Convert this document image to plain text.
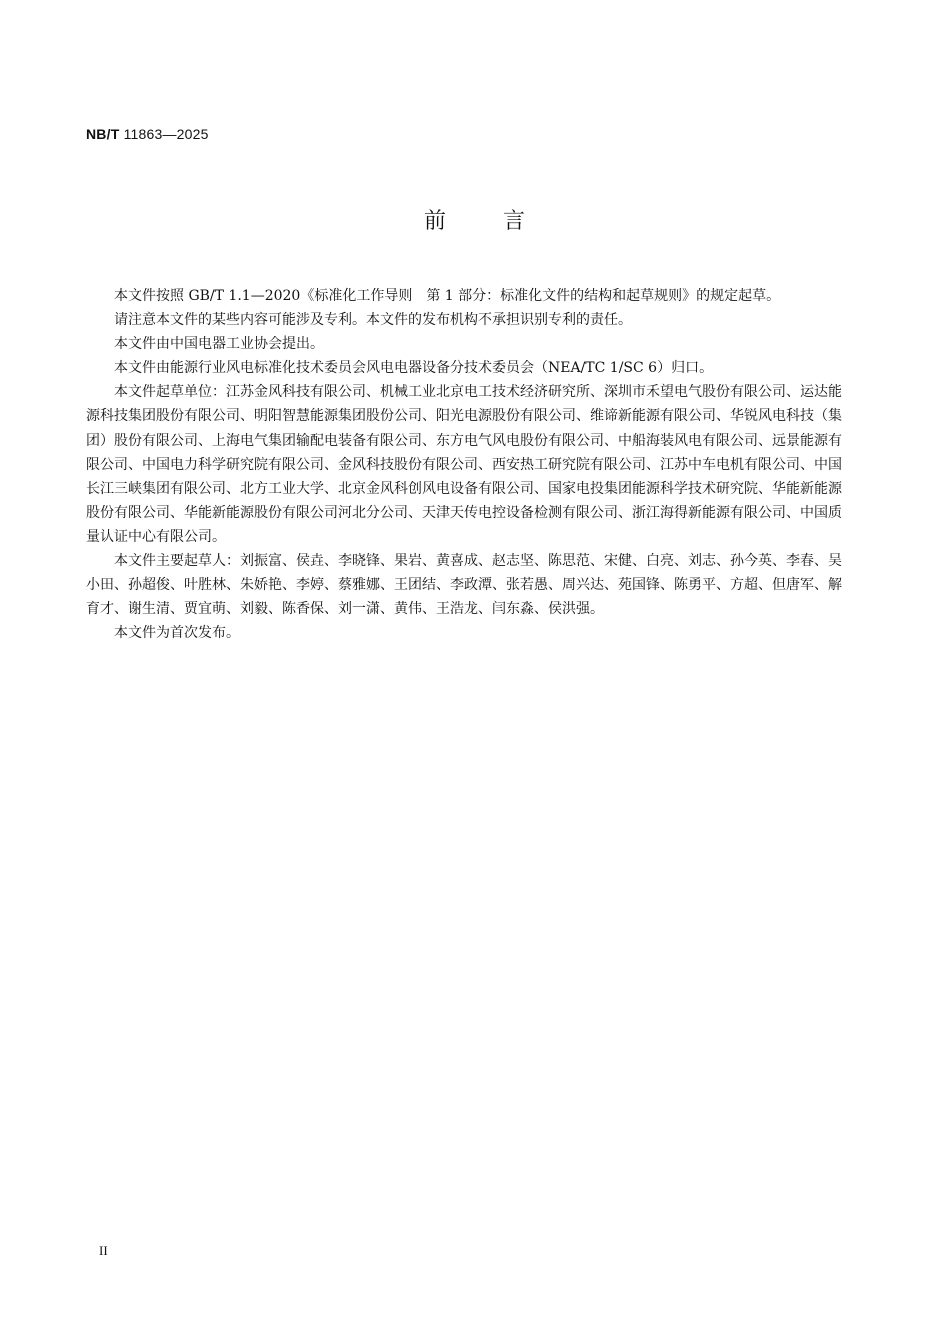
NB/T 11863—2025
前	言

本文件按照 GB/T 1.1—2020《标准化工作导则　第 1 部分：标准化文件的结构和起草规则》的规定起草。

请注意本文件的某些内容可能涉及专利。本文件的发布机构不承担识别专利的责任。

本文件由中国电器工业协会提出。

本文件由能源行业风电标准化技术委员会风电电器设备分技术委员会（NEA/TC 1/SC 6）归口。

本文件起草单位：江苏金风科技有限公司、机械工业北京电工技术经济研究所、深圳市禾望电气股份有限公司、运达能源科技集团股份有限公司、明阳智慧能源集团股份公司、阳光电源股份有限公司、维谛新能源有限公司、华锐风电科技（集团）股份有限公司、上海电气集团输配电装备有限公司、东方电气风电股份有限公司、中船海装风电有限公司、远景能源有限公司、中国电力科学研究院有限公司、金风科技股份有限公司、西安热工研究院有限公司、江苏中车电机有限公司、中国长江三峡集团有限公司、北方工业大学、北京金风科创风电设备有限公司、国家电投集团能源科学技术研究院、华能新能源股份有限公司、华能新能源股份有限公司河北分公司、天津天传电控设备检测有限公司、浙江海得新能源有限公司、中国质量认证中心有限公司。

本文件主要起草人：刘振富、侯垚、李晓锋、果岩、黄喜成、赵志坚、陈思范、宋健、白亮、刘志、孙今英、李春、吴小田、孙超俊、叶胜林、朱娇艳、李婷、蔡雅娜、王团结、李政潭、张若愚、周兴达、苑国锋、陈勇平、方超、但唐军、解育才、谢生清、贾宜萌、刘毅、陈香保、刘一潇、黄伟、王浩龙、闫东淼、侯洪强。

本文件为首次发布。

II
